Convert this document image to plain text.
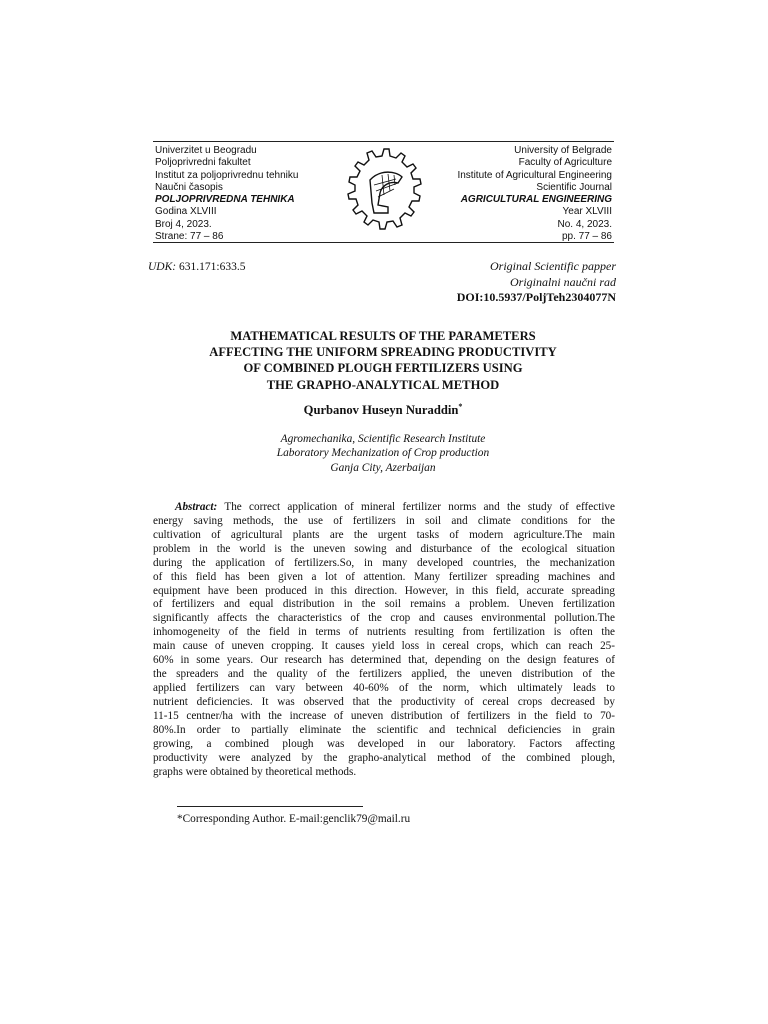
Univerzitet u Beogradu
Poljoprivredni fakultet
Institut za poljoprivrednu tehniku
Naučni časopis
POLJOPRIVREDNA TEHNIKA
Godina XLVIII
Broj 4, 2023.
Strane: 77 – 86
University of Belgrade
Faculty of Agriculture
Institute of Agricultural Engineering
Scientific Journal
AGRICULTURAL ENGINEERING
Year XLVIII
No. 4, 2023.
pp. 77 – 86
UDK: 631.171:633.5	Original Scientific papper
Originalni naučni rad
DOI:10.5937/PoljTeh2304077N
MATHEMATICAL RESULTS OF THE PARAMETERS
AFFECTING THE UNIFORM SPREADING PRODUCTIVITY
OF COMBINED PLOUGH FERTILIZERS USING
THE GRAPHO-ANALYTICAL METHOD
Qurbanov Huseyn Nuraddin*
Agromechanika, Scientific Research Institute
Laboratory Mechanization of Crop production
Ganja City, Azerbaijan
Abstract: The correct application of mineral fertilizer norms and the study of effective
energy saving methods, the use of fertilizers in soil and climate conditions for the
cultivation of agricultural plants are the urgent tasks of modern agriculture.The main
problem in the world is the uneven sowing and disturbance of the ecological situation
during the application of fertilizers.So, in many developed countries, the mechanization
of this field has been given a lot of attention. Many fertilizer spreading machines and
equipment have been produced in this direction. However, in this field, accurate spreading
of fertilizers and equal distribution in the soil remains a problem. Uneven fertilization
significantly affects the characteristics of the crop and causes environmental pollution.The
inhomogeneity of the field in terms of nutrients resulting from fertilization is often the
main cause of uneven cropping. It causes yield loss in cereal crops, which can reach 25-
60% in some years. Our research has determined that, depending on the design features of
the spreaders and the quality of the fertilizers applied, the uneven distribution of the
applied fertilizers can vary between 40-60% of the norm, which ultimately leads to
nutrient deficiencies. It was observed that the productivity of cereal crops decreased by
11-15 centner/ha with the increase of uneven distribution of fertilizers in the field to 70-
80%.In order to partially eliminate the scientific and technical deficiencies in grain
growing, a combined plough was developed in our laboratory. Factors affecting
productivity were analyzed by the grapho-analytical method of the combined plough,
graphs were obtained by theoretical methods.
*Corresponding Author. E-mail:genclik79@mail.ru
